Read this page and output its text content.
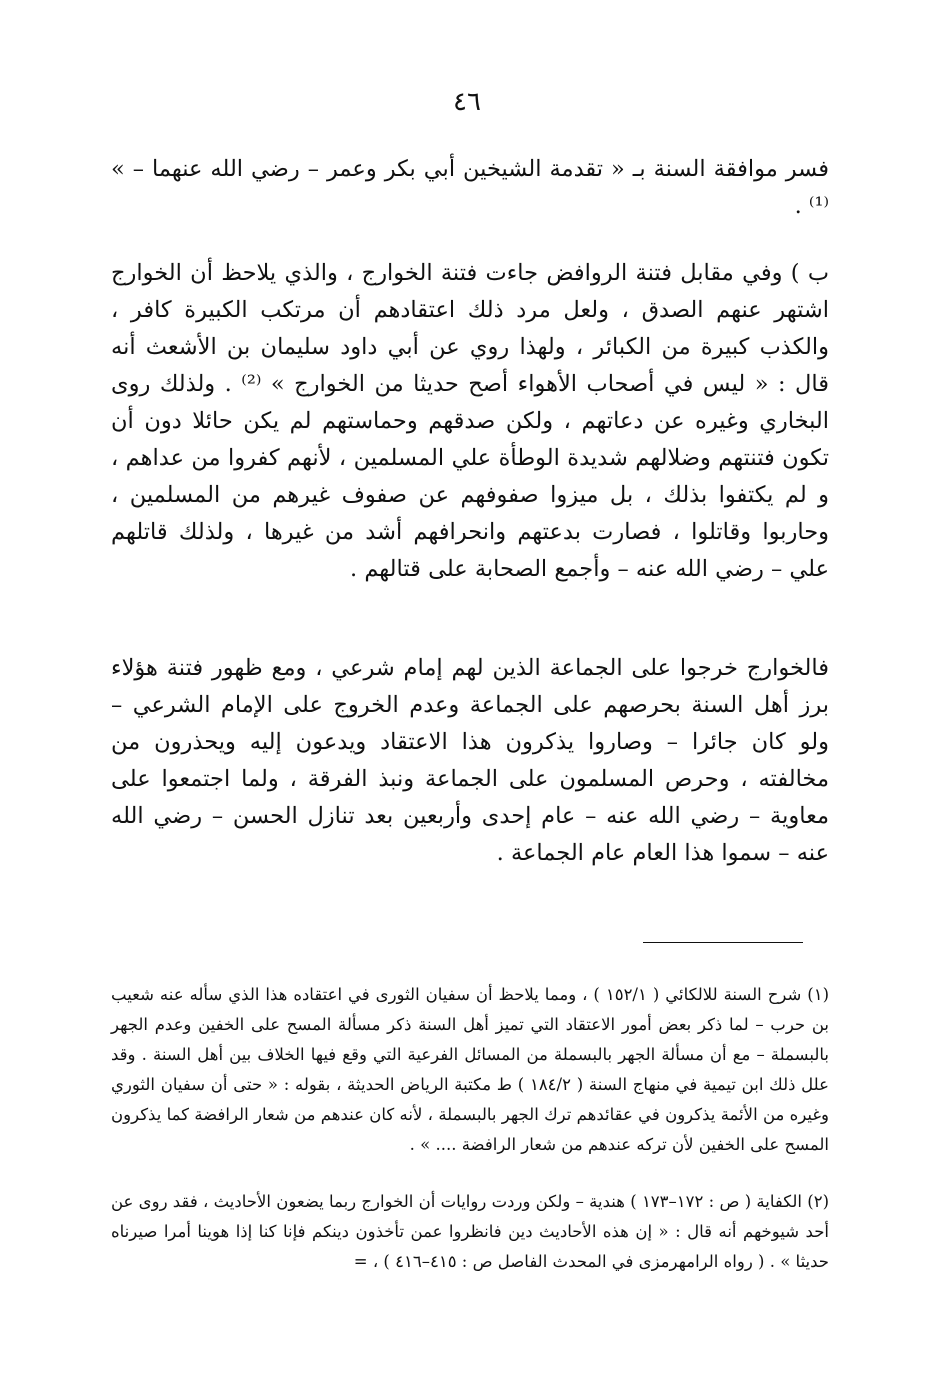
٤٦

فسر موافقة السنة بـ « تقدمة الشيخين أبي بكر وعمر – رضي الله عنهما – » ⁽¹⁾ .

ب ) وفي مقابل فتنة الروافض جاءت فتنة الخوارج ، والذي يلاحظ أن الخوارج اشتهر عنهم الصدق ، ولعل مرد ذلك اعتقادهم أن مرتكب الكبيرة كافر ، والكذب كبيرة من الكبائر ، ولهذا روي عن أبي داود سليمان بن الأشعث أنه قال : « ليس في أصحاب الأهواء أصح حديثا من الخوارج » ⁽²⁾ . ولذلك روى البخاري وغيره عن دعاتهم ، ولكن صدقهم وحماستهم لم يكن حائلا دون أن تكون فتنتهم وضلالهم شديدة الوطأة علي المسلمين ، لأنهم كفروا من عداهم ، و لم يكتفوا بذلك ، بل ميزوا صفوفهم عن صفوف غيرهم من المسلمين ، وحاربوا وقاتلوا ، فصارت بدعتهم وانحرافهم أشد من غيرها ، ولذلك قاتلهم علي – رضي الله عنه – وأجمع الصحابة على قتالهم .

فالخوارج خرجوا على الجماعة الذين لهم إمام شرعي ، ومع ظهور فتنة هؤلاء برز أهل السنة بحرصهم على الجماعة وعدم الخروج على الإمام الشرعي – ولو كان جائرا – وصاروا يذكرون هذا الاعتقاد ويدعون إليه ويحذرون من مخالفته ، وحرص المسلمون على الجماعة ونبذ الفرقة ، ولما اجتمعوا على معاوية – رضي الله عنه – عام إحدى وأربعين بعد تنازل الحسن – رضي الله عنه – سموا هذا العام عام الجماعة .

(١) شرح السنة للالكائي ( ١٥٢/١ ) ، ومما يلاحظ أن سفيان الثورى في اعتقاده هذا الذي سأله عنه شعيب بن حرب – لما ذكر بعض أمور الاعتقاد التي تميز أهل السنة ذكر مسألة المسح على الخفين وعدم الجهر بالبسملة – مع أن مسألة الجهر بالبسملة من المسائل الفرعية التي وقع فيها الخلاف بين أهل السنة . وقد علل ذلك ابن تيمية في منهاج السنة ( ١٨٤/٢ ) ط مكتبة الرياض الحديثة ، بقوله : « حتى أن سفيان الثوري وغيره من الأئمة يذكرون في عقائدهم ترك الجهر بالبسملة ، لأنه كان عندهم من شعار الرافضة كما يذكرون المسح على الخفين لأن تركه عندهم من شعار الرافضة .... » .

(٢) الكفاية ( ص : ١٧٢–١٧٣ ) هندية – ولكن وردت روايات أن الخوارج ربما يضعون الأحاديث ، فقد روى عن أحد شيوخهم أنه قال : « إن هذه الأحاديث دين فانظروا عمن تأخذون دينكم فإنا كنا إذا هوينا أمرا صيرناه حديثا » . ( رواه الرامهرمزى في المحدث الفاصل ص : ٤١٥–٤١٦ ) ، =
